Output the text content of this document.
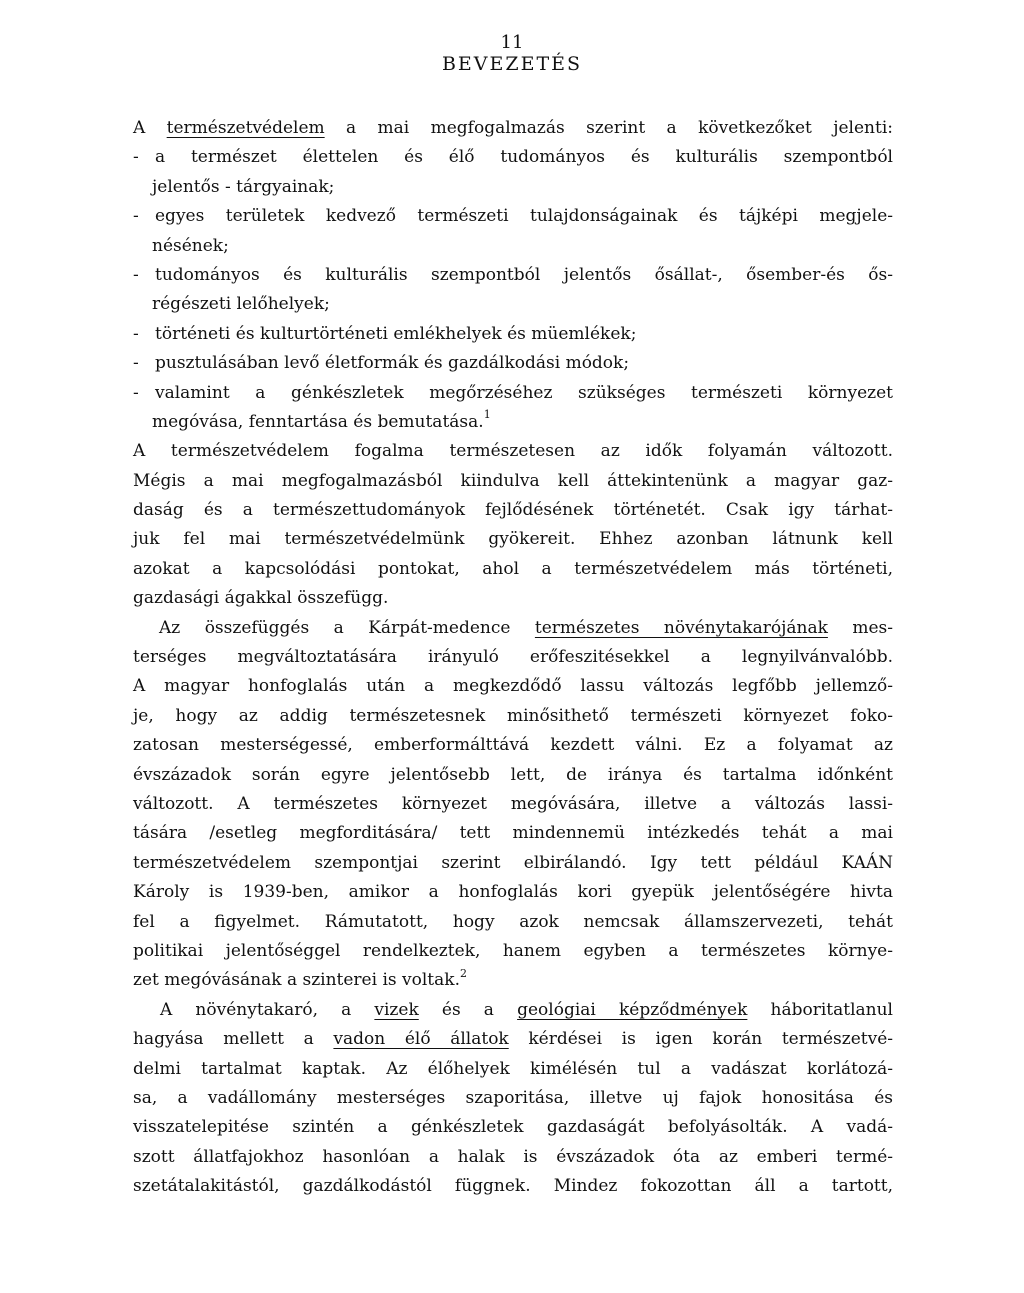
11
BEVEZETÉS
A természetvédelem a mai megfogalmazás szerint a következőket jelenti:
- a természet élettelen és élő tudományos és kulturális szempontból
jelentős - tárgyainak;
- egyes területek kedvező természeti tulajdonságainak és tájképi megjele-
nésének;
- tudományos és kulturális szempontból jelentős ősállat-, ősember-és ős-
régészeti lelőhelyek;
- történeti és kulturtörténeti emlékhelyek és müemlékek;
- pusztulásában levő életformák és gazdálkodási módok;
- valamint a génkészletek megőrzéséhez szükséges természeti környezet
megóvása, fenntartása és bemutatása.$^1$
A természetvédelem fogalma természetesen az idők folyamán változott.
Mégis a mai megfogalmazásból kiindulva kell áttekintenünk a magyar gaz-
daság és a természettudományok fejlődésének történetét. Csak igy tárhat-
juk fel mai természetvédelmünk gyökereit. Ehhez azonban látnunk kell
azokat a kapcsolódási pontokat, ahol a természetvédelem más történeti,
gazdasági ágakkal összefügg.
Az összefüggés a Kárpát-medence természetes növénytakarójának mes-
terséges megváltoztatására irányuló erőfeszitésekkel a legnyilvánvalóbb.
A magyar honfoglalás után a megkezdődő lassu változás legfőbb jellemző-
je, hogy az addig természetesnek minősithető természeti környezet foko-
zatosan mesterségessé, emberformálttává kezdett válni. Ez a folyamat az
évszázadok során egyre jelentősebb lett, de iránya és tartalma időnként
változott. A természetes környezet megóvására, illetve a változás lassi-
tására /esetleg megforditására/ tett mindennemü intézkedés tehát a mai
természetvédelem szempontjai szerint elbirálandó. Igy tett például KAÁN
Károly is 1939-ben, amikor a honfoglalás kori gyepük jelentőségére hivta
fel a figyelmet. Rámutatott, hogy azok nemcsak államszervezeti, tehát
politikai jelentőséggel rendelkeztek, hanem egyben a természetes környe-
zet megóvásának a szinterei is voltak.$^2$
A növénytakaró, a vizek és a geológiai képződmények háboritatlanul
hagyása mellett a vadon élő állatok kérdései is igen korán természetvé-
delmi tartalmat kaptak. Az élőhelyek kimélésén tul a vadászat korlátozá-
sa, a vadállomány mesterséges szaporitása, illetve uj fajok honositása és
visszatelepitése szintén a génkészletek gazdaságát befolyásolták. A vadá-
szott állatfajokhoz hasonlóan a halak is évszázadok óta az emberi termé-
szetátalakitástól, gazdálkodástól függnek. Mindez fokozottan áll a tartott,
